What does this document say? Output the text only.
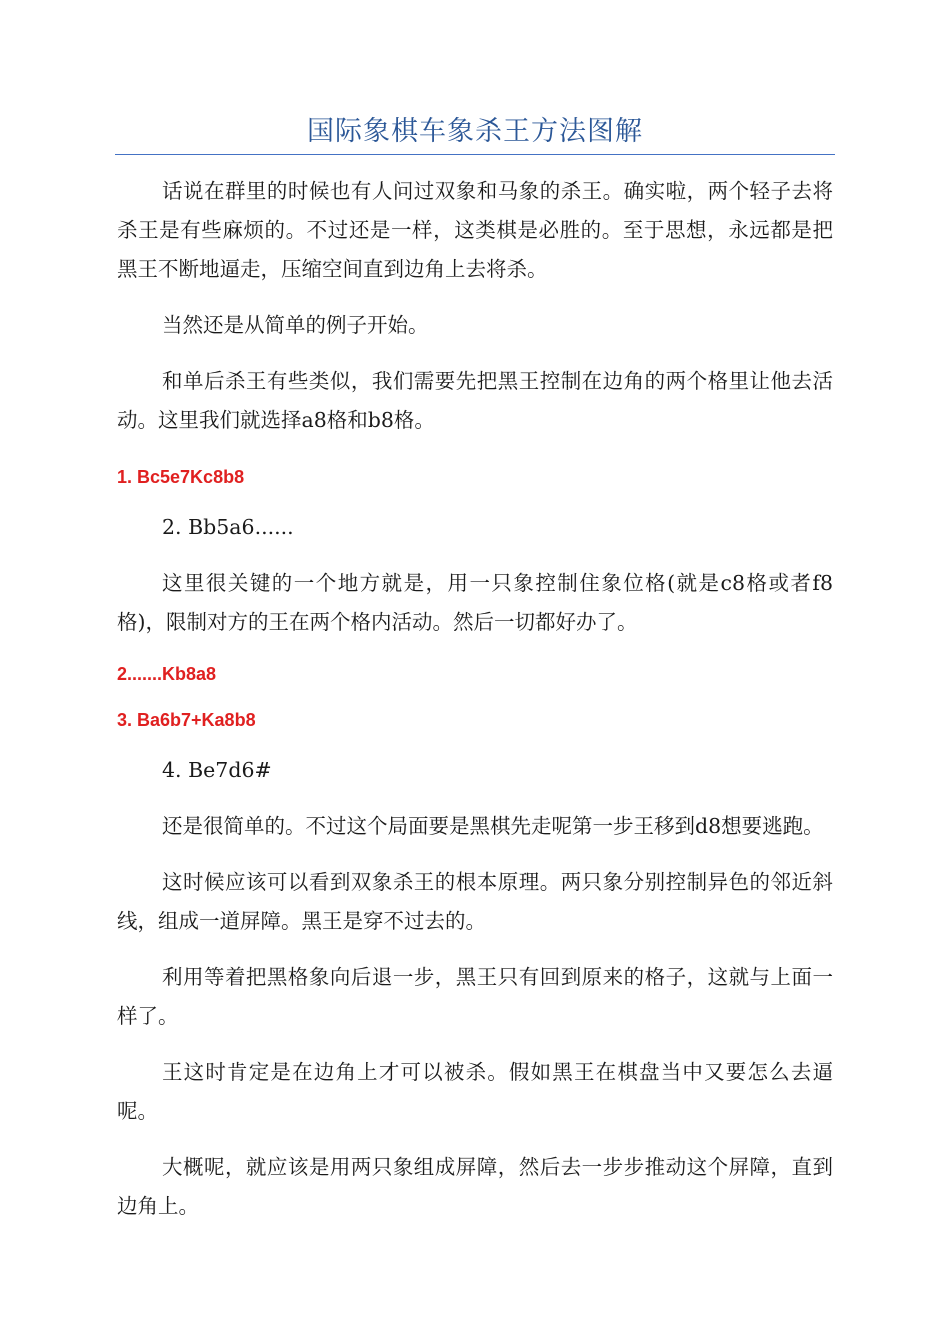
国际象棋车象杀王方法图解

话说在群里的时候也有人问过双象和马象的杀王。确实啦，两个轻子去将杀王是有些麻烦的。不过还是一样，这类棋是必胜的。至于思想，永远都是把黑王不断地逼走，压缩空间直到边角上去将杀。

当然还是从简单的例子开始。

和单后杀王有些类似，我们需要先把黑王控制在边角的两个格里让他去活动。这里我们就选择a8格和b8格。

1. Bc5e7Kc8b8

2. Bb5a6......

这里很关键的一个地方就是，用一只象控制住象位格(就是c8格或者f8格)，限制对方的王在两个格内活动。然后一切都好办了。

2.......Kb8a8

3. Ba6b7+Ka8b8

4. Be7d6#

还是很简单的。不过这个局面要是黑棋先走呢第一步王移到d8想要逃跑。

这时候应该可以看到双象杀王的根本原理。两只象分别控制异色的邻近斜线，组成一道屏障。黑王是穿不过去的。

利用等着把黑格象向后退一步，黑王只有回到原来的格子，这就与上面一样了。

王这时肯定是在边角上才可以被杀。假如黑王在棋盘当中又要怎么去逼呢。

大概呢，就应该是用两只象组成屏障，然后去一步步推动这个屏障，直到边角上。
